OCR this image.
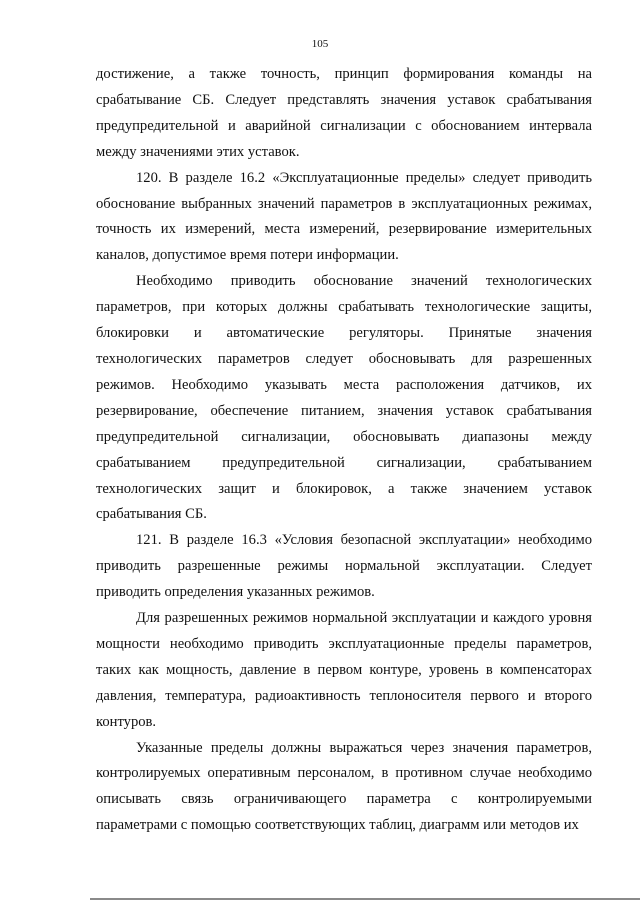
105

достижение, а также точность, принцип формирования команды на срабатывание СБ. Следует представлять значения уставок срабатывания предупредительной и аварийной сигнализации с обоснованием интервала между значениями этих уставок.

120. В разделе 16.2 «Эксплуатационные пределы» следует приводить обоснование выбранных значений параметров в эксплуатационных режимах, точность их измерений, места измерений, резервирование измерительных каналов, допустимое время потери информации.

Необходимо приводить обоснование значений технологических параметров, при которых должны срабатывать технологические защиты, блокировки и автоматические регуляторы. Принятые значения технологических параметров следует обосновывать для разрешенных режимов. Необходимо указывать места расположения датчиков, их резервирование, обеспечение питанием, значения уставок срабатывания предупредительной сигнализации, обосновывать диапазоны между срабатыванием предупредительной сигнализации, срабатыванием технологических защит и блокировок, а также значением уставок срабатывания СБ.

121. В разделе 16.3 «Условия безопасной эксплуатации» необходимо приводить разрешенные режимы нормальной эксплуатации. Следует приводить определения указанных режимов.

Для разрешенных режимов нормальной эксплуатации и каждого уровня мощности необходимо приводить эксплуатационные пределы параметров, таких как мощность, давление в первом контуре, уровень в компенсаторах давления, температура, радиоактивность теплоносителя первого и второго контуров.

Указанные пределы должны выражаться через значения параметров, контролируемых оперативным персоналом, в противном случае необходимо описывать связь ограничивающего параметра с контролируемыми параметрами с помощью соответствующих таблиц, диаграмм или методов их
